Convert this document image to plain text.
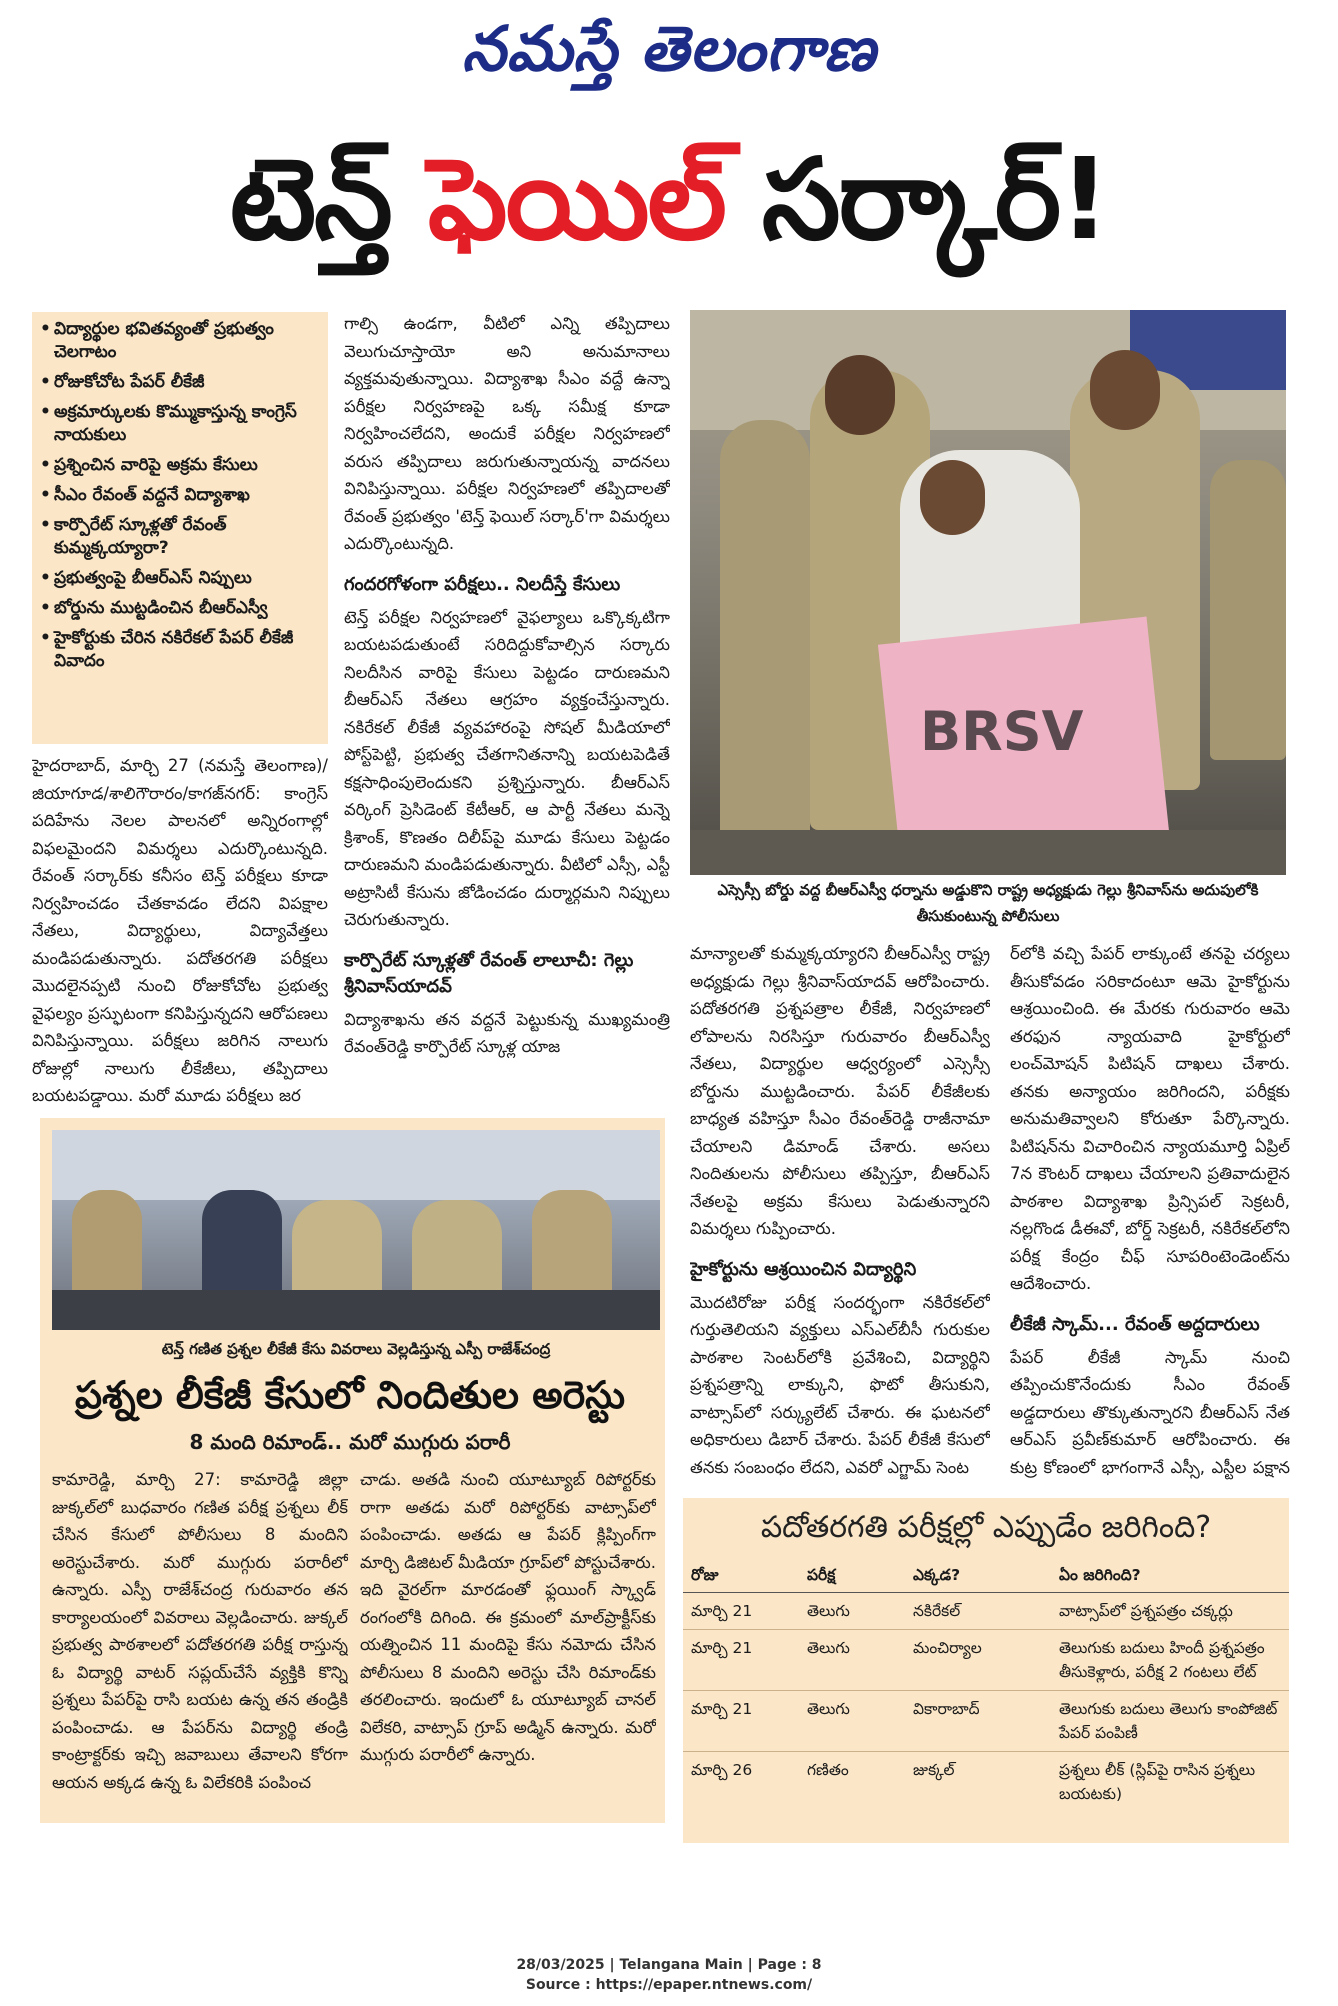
నమస్తే తెలంగాణ
టెన్త్ ఫెయిల్ సర్కార్!
• విద్యార్థుల భవితవ్యంతో ప్రభుత్వం చెలగాటం
• రోజుకోచోట పేపర్ లీకేజీ
• అక్రమార్కులకు కొమ్ముకాస్తున్న కాంగ్రెస్ నాయకులు
• ప్రశ్నించిన వారిపై అక్రమ కేసులు
• సీఎం రేవంత్ వద్దనే విద్యాశాఖ
• కార్పొరేట్ స్కూళ్లతో రేవంత్ కుమ్మక్కయ్యారా?
• ప్రభుత్వంపై బీఆర్ఎస్ నిప్పులు
• బోర్డును ముట్టడించిన బీఆర్ఎస్వీ
• హైకోర్టుకు చేరిన నకిరేకల్ పేపర్ లీకేజీ వివాదం
హైదరాబాద్, మార్చి 27 (నమస్తే తెలంగాణ)/జియాగూడ/శాలిగౌరారం/కాగజ్‌నగర్: కాంగ్రెస్ పదిహేను నెలల పాలనలో అన్నిరంగాల్లో విఫలమైందని విమర్శలు ఎదుర్కొంటున్నది. రేవంత్ సర్కార్‌కు కనీసం టెన్త్ పరీక్షలు కూడా నిర్వహించడం చేతకావడం లేదని విపక్షాల నేతలు, విద్యార్థులు, విద్యావేత్తలు మండిపడుతున్నారు. పదోతరగతి పరీక్షలు మొదలైనప్పటి నుంచి రోజుకోచోట ప్రభుత్వ వైఫల్యం ప్రస్ఫుటంగా కనిపిస్తున్నదని ఆరోపణలు వినిపిస్తున్నాయి. పరీక్షలు జరిగిన నాలుగు రోజుల్లో నాలుగు లీకేజీలు, తప్పిదాలు బయటపడ్డాయి. మరో మూడు పరీక్షలు జర
గాల్సి ఉండగా, వీటిలో ఎన్ని తప్పిదాలు వెలుగుచూస్తాయో అని అనుమానాలు వ్యక్తమవుతున్నాయి. విద్యాశాఖ సీఎం వద్దే ఉన్నా పరీక్షల నిర్వహణపై ఒక్క సమీక్ష కూడా నిర్వహించలేదని, అందుకే పరీక్షల నిర్వహణలో వరుస తప్పిదాలు జరుగుతున్నాయన్న వాదనలు వినిపిస్తున్నాయి. పరీక్షల నిర్వహణలో తప్పిదాలతో రేవంత్ ప్రభుత్వం 'టెన్త్ ఫెయిల్ సర్కార్'గా విమర్శలు ఎదుర్కొంటున్నది.
గందరగోళంగా పరీక్షలు.. నిలదీస్తే కేసులు
టెన్త్ పరీక్షల నిర్వహణలో వైఫల్యాలు ఒక్కొక్కటిగా బయటపడుతుంటే సరిదిద్దుకోవాల్సిన సర్కారు నిలదీసిన వారిపై కేసులు పెట్టడం దారుణమని బీఆర్ఎస్ నేతలు ఆగ్రహం వ్యక్తంచేస్తున్నారు. నకిరేకల్ లీకేజీ వ్యవహారంపై సోషల్ మీడియాలో పోస్ట్‌పెట్టి, ప్రభుత్వ చేతగానితనాన్ని బయటపెడితే కక్షసాధింపులెందుకని ప్రశ్నిస్తున్నారు. బీఆర్ఎస్ వర్కింగ్ ప్రెసిడెంట్ కేటీఆర్, ఆ పార్టీ నేతలు మన్నె క్రిశాంక్, కొణతం దిలీప్‌పై మూడు కేసులు పెట్టడం దారుణమని మండిపడుతున్నారు. వీటిలో ఎస్సీ, ఎస్టీ అట్రాసిటీ కేసును జోడించడం దుర్మార్గమని నిప్పులు చెరుగుతున్నారు.
కార్పొరేట్ స్కూళ్లతో రేవంత్ లాలూచీ: గెల్లు శ్రీనివాస్‌యాదవ్
విద్యాశాఖను తన వద్దనే పెట్టుకున్న ముఖ్యమంత్రి రేవంత్‌రెడ్డి కార్పొరేట్ స్కూళ్ల యాజ
BRSV
ఎస్సెస్సీ బోర్డు వద్ద బీఆర్ఎస్వీ ధర్నాను అడ్డుకొని రాష్ట్ర అధ్యక్షుడు గెల్లు శ్రీనివాస్‌ను అదుపులోకి తీసుకుంటున్న పోలీసులు
మాన్యాలతో కుమ్మక్కయ్యారని బీఆర్ఎస్వీ రాష్ట్ర అధ్యక్షుడు గెల్లు శ్రీనివాస్‌యాదవ్ ఆరోపించారు. పదోతరగతి ప్రశ్నపత్రాల లీకేజీ, నిర్వహణలో లోపాలను నిరసిస్తూ గురువారం బీఆర్ఎస్వీ నేతలు, విద్యార్థుల ఆధ్వర్యంలో ఎస్సెస్సీ బోర్డును ముట్టడించారు. పేపర్ లీకేజీలకు బాధ్యత వహిస్తూ సీఎం రేవంత్‌రెడ్డి రాజీనామా చేయాలని డిమాండ్ చేశారు. అసలు నిందితులను పోలీసులు తప్పిస్తూ, బీఆర్ఎస్ నేతలపై అక్రమ కేసులు పెడుతున్నారని విమర్శలు గుప్పించారు.
హైకోర్టును ఆశ్రయించిన విద్యార్థిని
మొదటిరోజు పరీక్ష సందర్భంగా నకిరేకల్‌లో గుర్తుతెలియని వ్యక్తులు ఎస్ఎల్‌బీసీ గురుకుల పాఠశాల సెంటర్‌లోకి ప్రవేశించి, విద్యార్థిని ప్రశ్నపత్రాన్ని లాక్కుని, ఫొటో తీసుకుని, వాట్సాప్‌లో సర్క్యులేట్ చేశారు. ఈ ఘటనలో అధికారులు డిబార్ చేశారు. పేపర్ లీకేజీ కేసులో తనకు సంబంధం లేదని, ఎవరో ఎగ్జామ్ సెంట
ర్‌లోకి వచ్చి పేపర్ లాక్కుంటే తనపై చర్యలు తీసుకోవడం సరికాదంటూ ఆమె హైకోర్టును ఆశ్రయించింది. ఈ మేరకు గురువారం ఆమె తరఫున న్యాయవాది హైకోర్టులో లంచ్‌మోషన్ పిటిషన్ దాఖలు చేశారు. తనకు అన్యాయం జరిగిందని, పరీక్షకు అనుమతివ్వాలని కోరుతూ పేర్కొన్నారు. పిటిషన్‌ను విచారించిన న్యాయమూర్తి ఏప్రిల్ 7న కౌంటర్ దాఖలు చేయాలని ప్రతివాదులైన పాఠశాల విద్యాశాఖ ప్రిన్సిపల్ సెక్రటరీ, నల్లగొండ డీఈవో, బోర్డ్ సెక్రటరీ, నకిరేకల్‌లోని పరీక్ష కేంద్రం చీఫ్ సూపరింటెండెంట్‌ను ఆదేశించారు.
లీకేజీ స్కామ్... రేవంత్ అద్దదారులు
పేపర్ లీకేజీ స్కామ్ నుంచి తప్పించుకొనేందుకు సీఎం రేవంత్ అడ్డదారులు తొక్కుతున్నారని బీఆర్ఎస్ నేత ఆర్ఎస్ ప్రవీణ్‌కుమార్ ఆరోపించారు. ఈ కుట్ర కోణంలో భాగంగానే ఎస్సీ, ఎస్టీల పక్షాన
టెన్త్ గణిత ప్రశ్నల లీకేజీ కేసు వివరాలు వెల్లడిస్తున్న ఎస్పీ రాజేశ్‌చంద్ర
ప్రశ్నల లీకేజీ కేసులో నిందితుల అరెస్టు
8 మంది రిమాండ్.. మరో ముగ్గురు పరారీ
కామారెడ్డి, మార్చి 27: కామారెడ్డి జిల్లా జుక్కల్‌లో బుధవారం గణిత పరీక్ష ప్రశ్నలు లీక్ చేసిన కేసులో పోలీసులు 8 మందిని అరెస్టుచేశారు. మరో ముగ్గురు పరారీలో ఉన్నారు. ఎస్పీ రాజేశ్‌చంద్ర గురువారం తన కార్యాలయంలో వివరాలు వెల్లడించారు. జుక్కల్ ప్రభుత్వ పాఠశాలలో పదోతరగతి పరీక్ష రాస్తున్న ఓ విద్యార్థి వాటర్ సప్లయ్‌చేసే వ్యక్తికి కొన్ని ప్రశ్నలు పేపర్‌పై రాసి బయట ఉన్న తన తండ్రికి పంపించాడు. ఆ పేపర్‌ను విద్యార్థి తండ్రి కాంట్రాక్టర్‌కు ఇచ్చి జవాబులు తేవాలని కోరగా ఆయన అక్కడ ఉన్న ఓ విలేకరికి పంపించ
చాడు. అతడి నుంచి యూట్యూబ్ రిపోర్టర్‌కు రాగా అతడు మరో రిపోర్టర్‌కు వాట్సాప్‌లో పంపించాడు. అతడు ఆ పేపర్ క్లిప్పింగ్‌గా మార్చి డిజిటల్ మీడియా గ్రూప్‌లో పోస్టుచేశారు. ఇది వైరల్‌గా మారడంతో ఫ్లయింగ్ స్క్వాడ్ రంగంలోకి దిగింది. ఈ క్రమంలో మాల్‌ప్రాక్టీస్‌కు యత్నించిన 11 మందిపై కేసు నమోదు చేసిన పోలీసులు 8 మందిని అరెస్టు చేసి రిమాండ్‌కు తరలించారు. ఇందులో ఓ యూట్యూబ్ చానల్ విలేకరి, వాట్సాప్ గ్రూప్ అడ్మిన్ ఉన్నారు. మరో ముగ్గురు పరారీలో ఉన్నారు.
పదోతరగతి పరీక్షల్లో ఎప్పుడేం జరిగింది?
రోజు	పరీక్ష	ఎక్కడ?	ఏం జరిగింది?
మార్చి 21	తెలుగు	నకిరేకల్	వాట్సాప్‌లో ప్రశ్నపత్రం చక్కర్లు
మార్చి 21	తెలుగు	మంచిర్యాల	తెలుగుకు బదులు హిందీ ప్రశ్నపత్రం తీసుకెళ్లారు, పరీక్ష 2 గంటలు లేట్
మార్చి 21	తెలుగు	వికారాబాద్	తెలుగుకు బదులు తెలుగు కాంపోజిట్ పేపర్ పంపిణీ
మార్చి 26	గణితం	జుక్కల్	ప్రశ్నలు లీక్ (స్లిప్‌పై రాసిన ప్రశ్నలు బయటకు)
28/03/2025 | Telangana Main | Page : 8
Source : https://epaper.ntnews.com/
